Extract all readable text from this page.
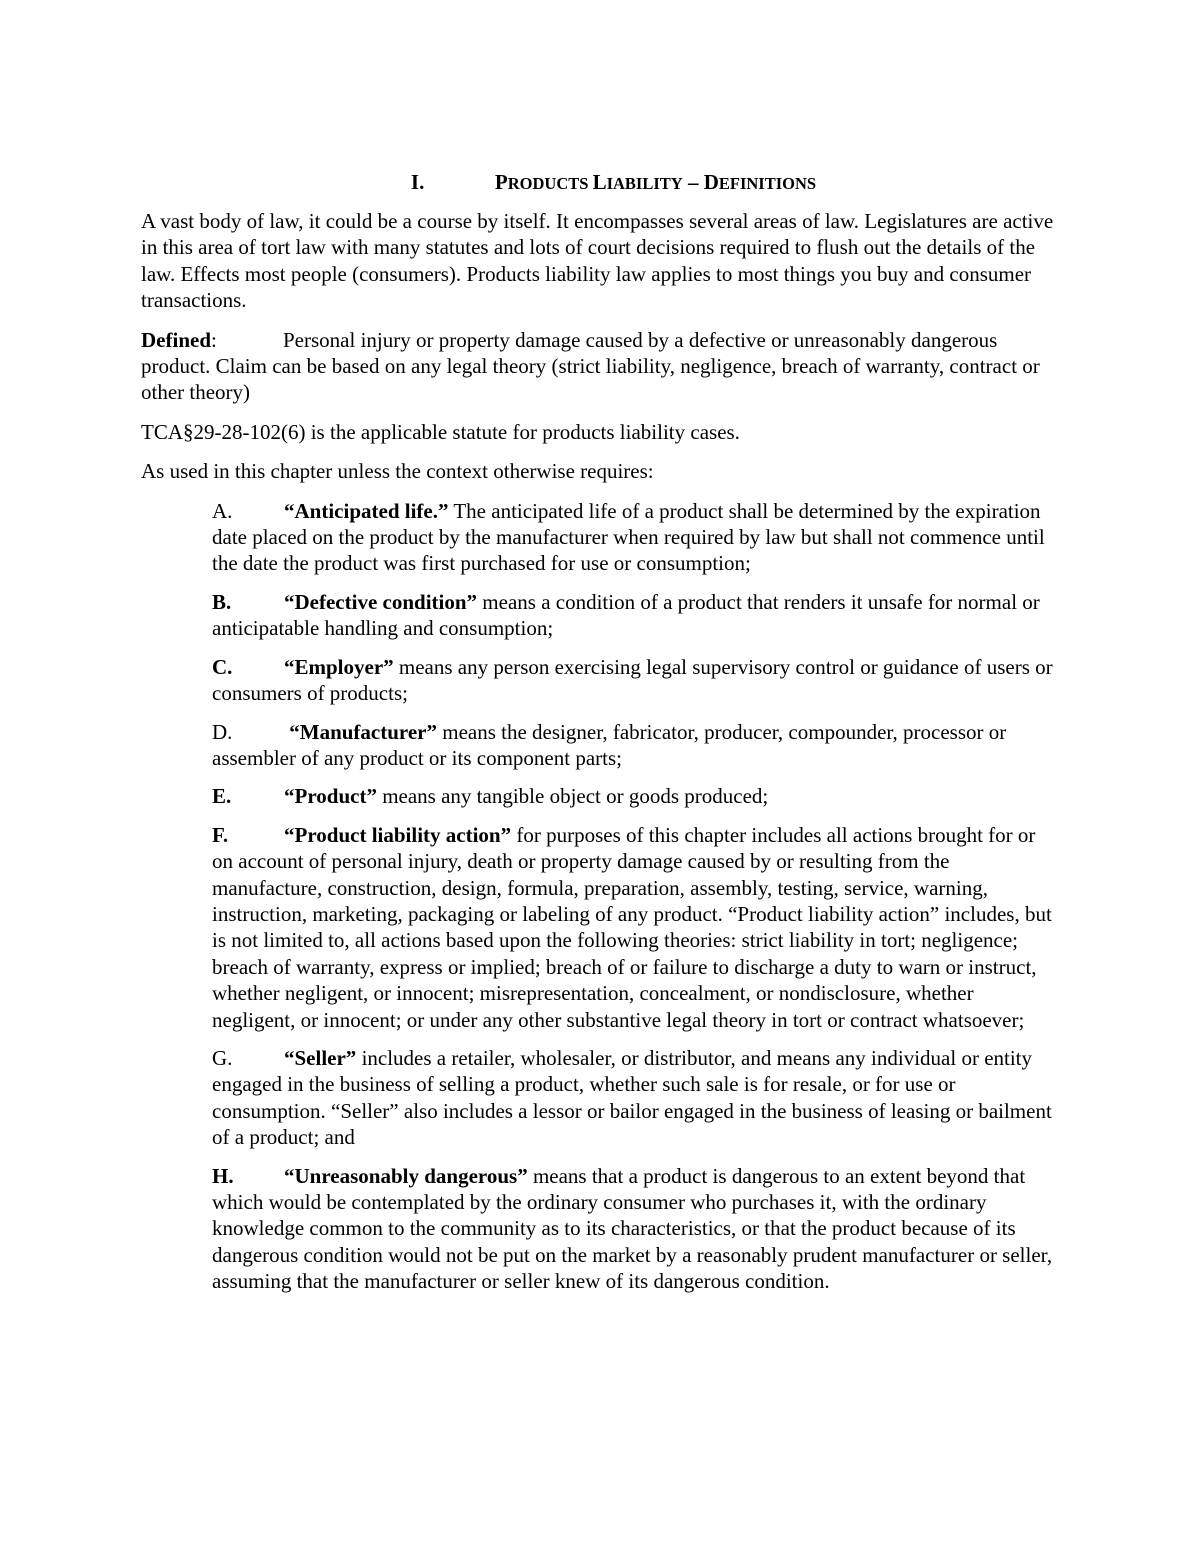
I.	PRODUCTS LIABILITY – DEFINITIONS

A vast body of law, it could be a course by itself. It encompasses several areas of law. Legislatures are active in this area of tort law with many statutes and lots of court decisions required to flush out the details of the law. Effects most people (consumers). Products liability law applies to most things you buy and consumer transactions.

Defined:	Personal injury or property damage caused by a defective or unreasonably dangerous product. Claim can be based on any legal theory (strict liability, negligence, breach of warranty, contract or other theory)

TCA§29-28-102(6) is the applicable statute for products liability cases.

As used in this chapter unless the context otherwise requires:

A. “Anticipated life.” The anticipated life of a product shall be determined by the expiration date placed on the product by the manufacturer when required by law but shall not commence until the date the product was first purchased for use or consumption;

B.	“Defective condition” means a condition of a product that renders it unsafe for normal or anticipatable handling and consumption;

C. “Employer” means any person exercising legal supervisory control or guidance of users or consumers of products;

D. “Manufacturer” means the designer, fabricator, producer, compounder, processor or assembler of any product or its component parts;

E.	“Product” means any tangible object or goods produced;

F.	“Product liability action” for purposes of this chapter includes all actions brought for or on account of personal injury, death or property damage caused by or resulting from the manufacture, construction, design, formula, preparation, assembly, testing, service, warning, instruction, marketing, packaging or labeling of any product. “Product liability action” includes, but is not limited to, all actions based upon the following theories: strict liability in tort; negligence; breach of warranty, express or implied; breach of or failure to discharge a duty to warn or instruct, whether negligent, or innocent; misrepresentation, concealment, or nondisclosure, whether negligent, or innocent; or under any other substantive legal theory in tort or contract whatsoever;

G. “Seller” includes a retailer, wholesaler, or distributor, and means any individual or entity engaged in the business of selling a product, whether such sale is for resale, or for use or consumption. “Seller” also includes a lessor or bailor engaged in the business of leasing or bailment of a product; and

H. “Unreasonably dangerous” means that a product is dangerous to an extent beyond that which would be contemplated by the ordinary consumer who purchases it, with the ordinary knowledge common to the community as to its characteristics, or that the product because of its dangerous condition would not be put on the market by a reasonably prudent manufacturer or seller, assuming that the manufacturer or seller knew of its dangerous condition.
